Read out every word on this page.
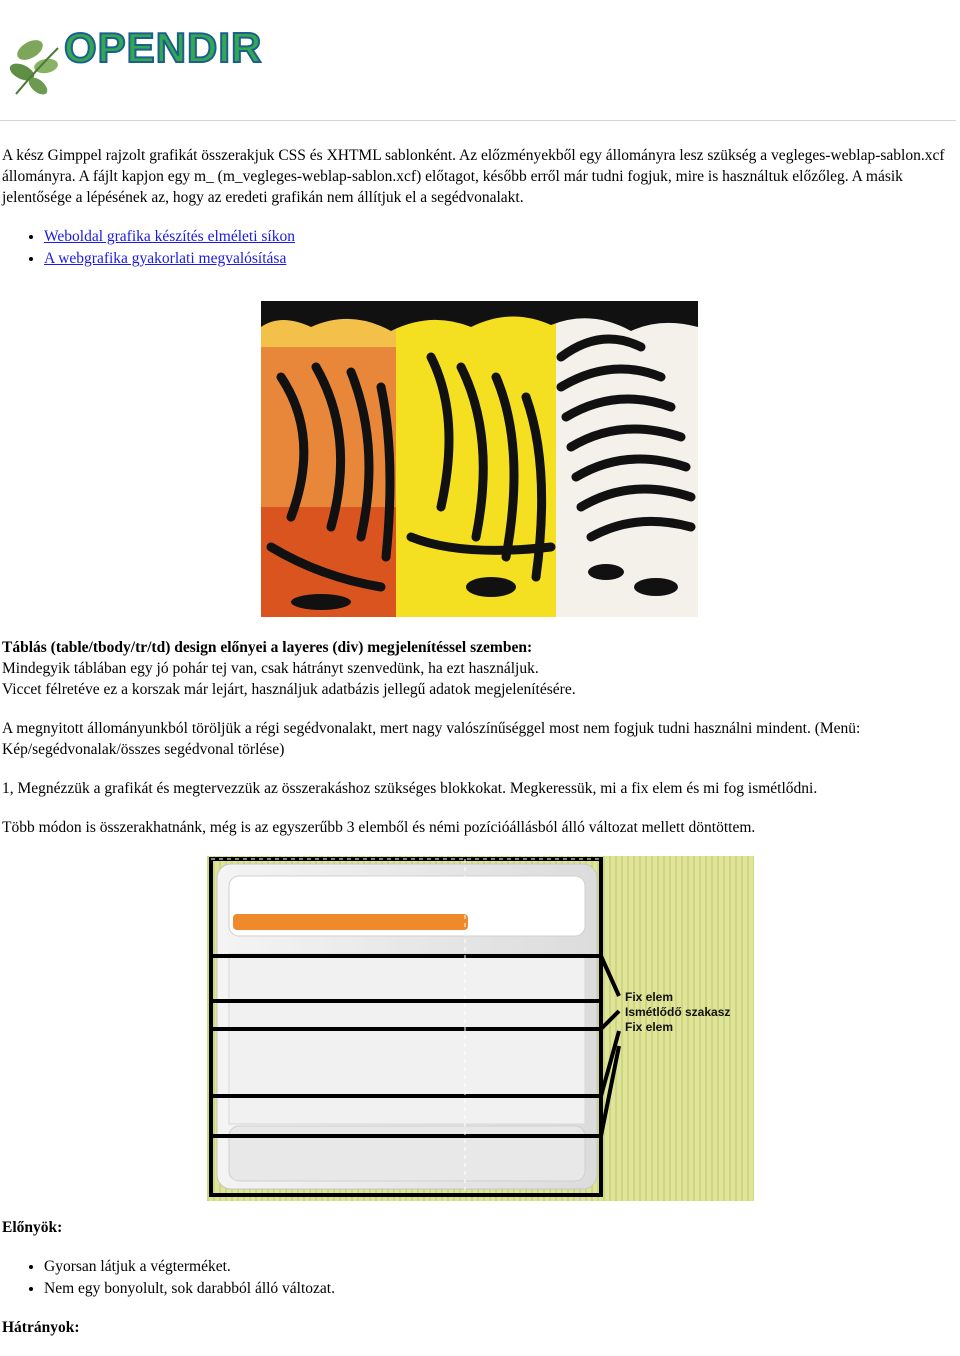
OPENDIR

A kész Gimppel rajzolt grafikát összerakjuk CSS és XHTML sablonként. Az előzményekből egy állományra lesz szükség a vegleges-weblap-sablon.xcf állományra. A fájlt kapjon egy m_ (m_vegleges-weblap-sablon.xcf) előtagot, később erről már tudni fogjuk, mire is használtuk előzőleg. A másik jelentősége a lépésének az, hogy az eredeti grafikán nem állítjuk el a segédvonalakt.

• Weboldal grafika készítés elméleti síkon
• A webgrafika gyakorlati megvalósítása

Táblás (table/tbody/tr/td) design előnyei a layeres (div) megjelenítéssel szemben:

Mindegyik táblában egy jó pohár tej van, csak hátrányt szenvedünk, ha ezt használjuk.

Viccet félretéve ez a korszak már lejárt, használjuk adatbázis jellegű adatok megjelenítésére.

A megnyitott állományunkból töröljük a régi segédvonalakt, mert nagy valószínűséggel most nem fogjuk tudni használni mindent. (Menü: Kép/segédvonalak/összes segédvonal törlése)

1, Megnézzük a grafikát és megtervezzük az összerakáshoz szükséges blokkokat. Megkeressük, mi a fix elem és mi fog ismétlődni.

Több módon is összerakhatnánk, még is az egyszerűbb 3 elemből és némi pozícióállásból álló változat mellett döntöttem.

Fix elem
Ismétlődő szakasz
Fix elem

Előnyök:

• Gyorsan látjuk a végterméket.
• Nem egy bonyolult, sok darabból álló változat.

Hátrányok:
